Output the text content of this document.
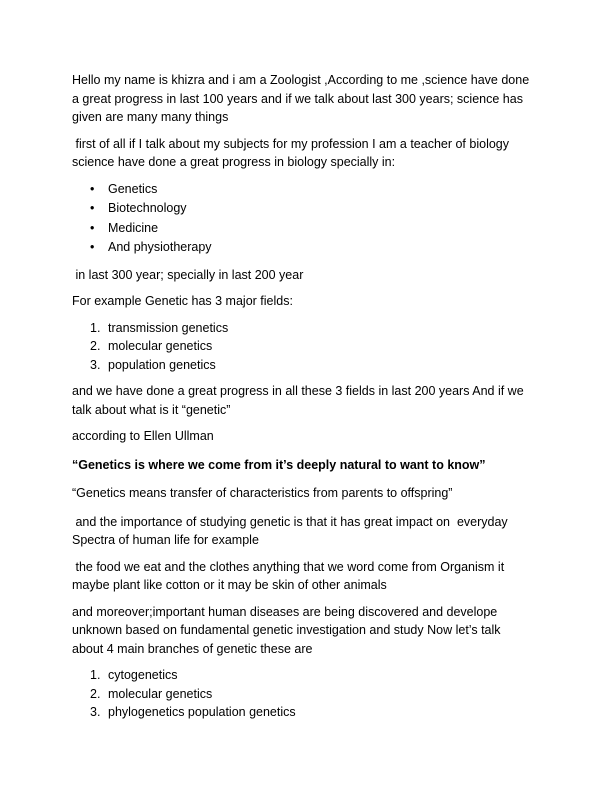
Hello my name is khizra and i am a Zoologist ,According to me ,science have done
a great progress in last 100 years and if we talk about last 300 years; science has
given are many many things

first of all if I talk about my subjects for my profession I am a teacher of biology
science have done a great progress in biology specially in:

• Genetics
• Biotechnology
• Medicine
• And physiotherapy

in last 300 year; specially in last 200 year

For example Genetic has 3 major fields:

1. transmission genetics
2. molecular genetics
3. population genetics

and we have done a great progress in all these 3 fields in last 200 years And if we
talk about what is it “genetic”

according to Ellen Ullman

“Genetics is where we come from it’s deeply natural to want to know”

“Genetics means transfer of characteristics from parents to offspring”

and the importance of studying genetic is that it has great impact on  everyday
Spectra of human life for example

the food we eat and the clothes anything that we word come from Organism it
maybe plant like cotton or it may be skin of other animals

and moreover;important human diseases are being discovered and develope
unknown based on fundamental genetic investigation and study Now let’s talk
about 4 main branches of genetic these are

1. cytogenetics
2. molecular genetics
3. phylogenetics population genetics
